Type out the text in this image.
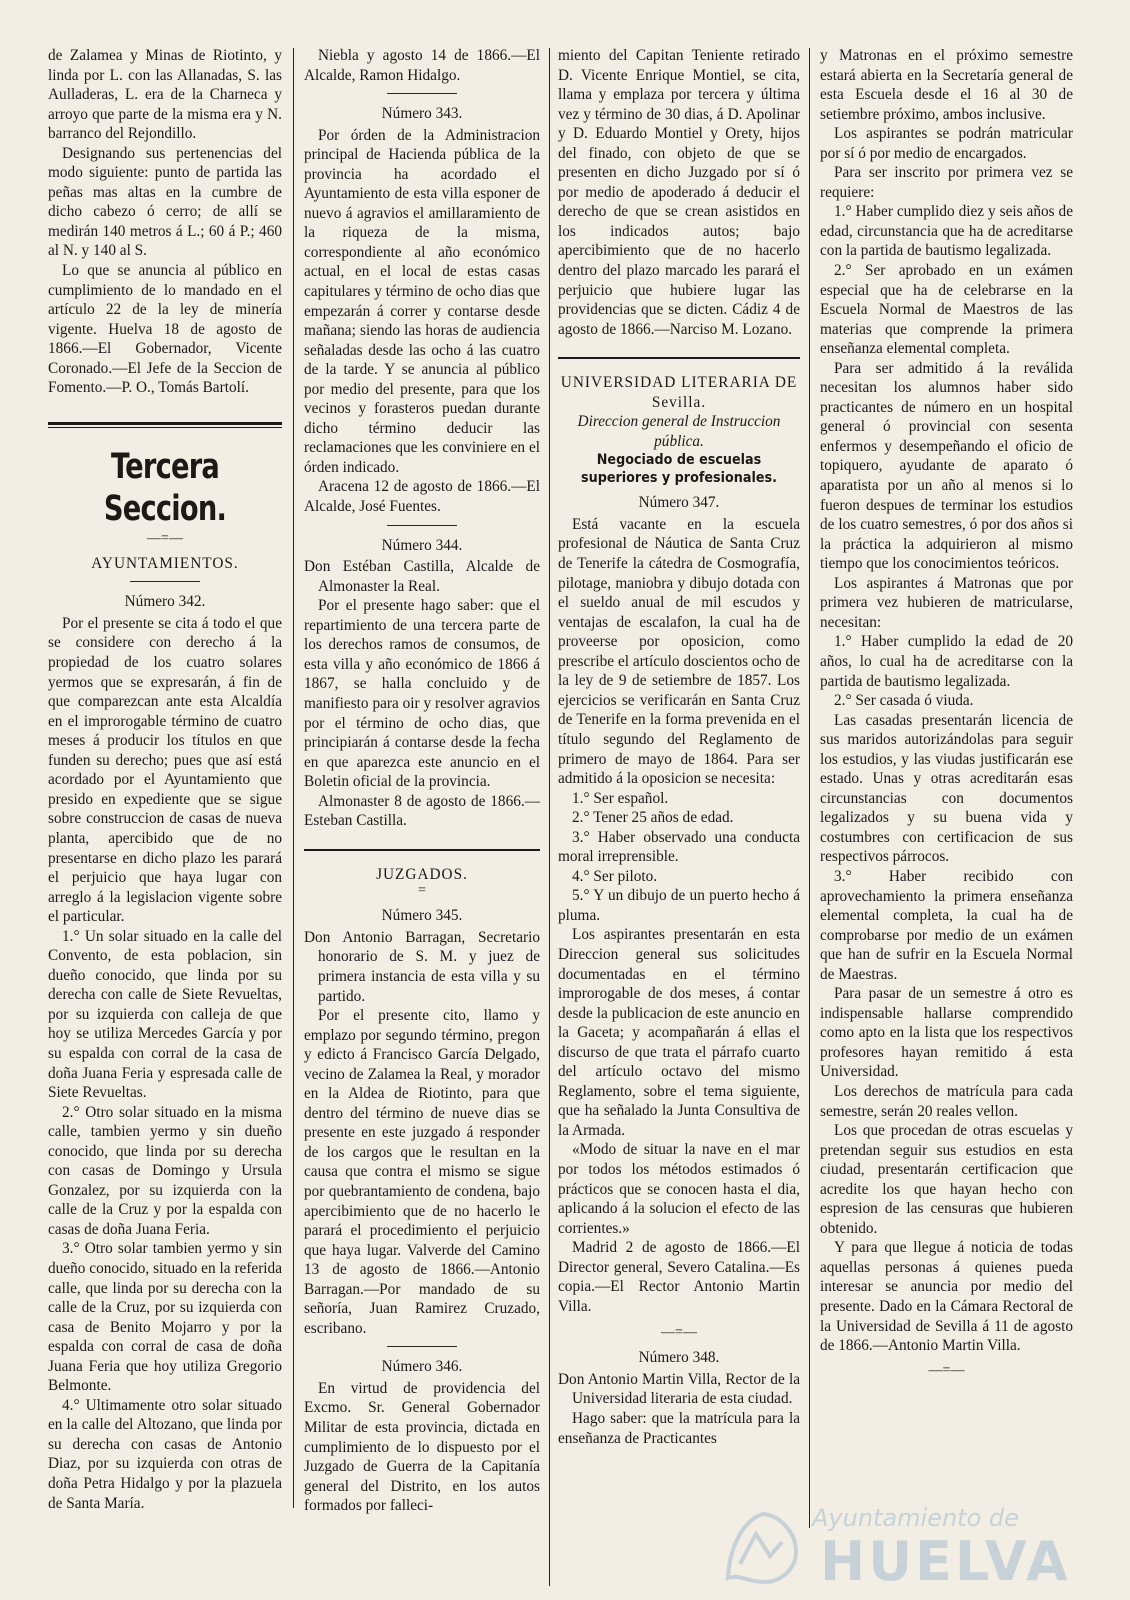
de Zalamea y Minas de Riotinto, y linda por L. con las Allanadas, S. las Aulladeras, L. era de la Charneca y arroyo que parte de la misma era y N. barranco del Rejondillo.

Designando sus pertenencias del modo siguiente: punto de partida las peñas mas altas en la cumbre de dicho cabezo ó cerro; de allí se medirán 140 metros á L.; 60 á P.; 460 al N. y 140 al S.

Lo que se anuncia al público en cumplimiento de lo mandado en el artículo 22 de la ley de minería vigente. Huelva 18 de agosto de 1866.—El Gobernador, Vicente Coronado.—El Jefe de la Seccion de Fomento.—P. O., Tomás Bartolí.

Tercera Seccion.
—=—

AYUNTAMIENTOS.

Número 342.

Por el presente se cita á todo el que se considere con derecho á la propiedad de los cuatro solares yermos que se expresarán, á fin de que comparezcan ante esta Alcaldía en el improrogable término de cuatro meses á producir los títulos en que funden su derecho; pues que así está acordado por el Ayuntamiento que presido en expediente que se sigue sobre construccion de casas de nueva planta, apercibido que de no presentarse en dicho plazo les parará el perjuicio que haya lugar con arreglo á la legislacion vigente sobre el particular.

1.° Un solar situado en la calle del Convento, de esta poblacion, sin dueño conocido, que linda por su derecha con calle de Siete Revueltas, por su izquierda con calleja de que hoy se utiliza Mercedes García y por su espalda con corral de la casa de doña Juana Feria y espresada calle de Siete Revueltas.

2.° Otro solar situado en la misma calle, tambien yermo y sin dueño conocido, que linda por su derecha con casas de Domingo y Ursula Gonzalez, por su izquierda con la calle de la Cruz y por la espalda con casas de doña Juana Feria.

3.° Otro solar tambien yermo y sin dueño conocido, situado en la referida calle, que linda por su derecha con la calle de la Cruz, por su izquierda con casa de Benito Mojarro y por la espalda con corral de casa de doña Juana Feria que hoy utiliza Gregorio Belmonte.

4.° Ultimamente otro solar situado en la calle del Altozano, que linda por su derecha con casas de Antonio Diaz, por su izquierda con otras de doña Petra Hidalgo y por la plazuela de Santa María.

Niebla y agosto 14 de 1866.—El Alcalde, Ramon Hidalgo.

Número 343.

Por órden de la Administracion principal de Hacienda pública de la provincia ha acordado el Ayuntamiento de esta villa esponer de nuevo á agravios el amillaramiento de la riqueza de la misma, correspondiente al año económico actual, en el local de estas casas capitulares y término de ocho dias que empezarán á correr y contarse desde mañana; siendo las horas de audiencia señaladas desde las ocho á las cuatro de la tarde. Y se anuncia al público por medio del presente, para que los vecinos y forasteros puedan durante dicho término deducir las reclamaciones que les conviniere en el órden indicado.

Aracena 12 de agosto de 1866.—El Alcalde, José Fuentes.

Número 344.

Don Estéban Castilla, Alcalde de Almonaster la Real.

Por el presente hago saber: que el repartimiento de una tercera parte de los derechos ramos de consumos, de esta villa y año económico de 1866 á 1867, se halla concluido y de manifiesto para oir y resolver agravios por el término de ocho dias, que principiarán á contarse desde la fecha en que aparezca este anuncio en el Boletin oficial de la provincia.

Almonaster 8 de agosto de 1866.—Esteban Castilla.

JUZGADOS.

=

Número 345.

Don Antonio Barragan, Secretario honorario de S. M. y juez de primera instancia de esta villa y su partido.

Por el presente cito, llamo y emplazo por segundo término, pregon y edicto á Francisco García Delgado, vecino de Zalamea la Real, y morador en la Aldea de Riotinto, para que dentro del término de nueve dias se presente en este juzgado á responder de los cargos que le resultan en la causa que contra el mismo se sigue por quebrantamiento de condena, bajo apercibimiento que de no hacerlo le parará el procedimiento el perjuicio que haya lugar. Valverde del Camino 13 de agosto de 1866.—Antonio Barragan.—Por mandado de su señoría, Juan Ramirez Cruzado, escribano.

Número 346.

En virtud de providencia del Excmo. Sr. General Gobernador Militar de esta provincia, dictada en cumplimiento de lo dispuesto por el Juzgado de Guerra de la Capitanía general del Distrito, en los autos formados por falleci-

miento del Capitan Teniente retirado D. Vicente Enrique Montiel, se cita, llama y emplaza por tercera y última vez y término de 30 dias, á D. Apolinar y D. Eduardo Montiel y Orety, hijos del finado, con objeto de que se presenten en dicho Juzgado por sí ó por medio de apoderado á deducir el derecho de que se crean asistidos en los indicados autos; bajo apercibimiento que de no hacerlo dentro del plazo marcado les parará el perjuicio que hubiere lugar las providencias que se dicten. Cádiz 4 de agosto de 1866.—Narciso M. Lozano.

UNIVERSIDAD LITERARIA DE

Sevilla.

Direccion general de Instruccion pública.

Negociado de escuelas superiores y profesionales.

Número 347.

Está vacante en la escuela profesional de Náutica de Santa Cruz de Tenerife la cátedra de Cosmografía, pilotage, maniobra y dibujo dotada con el sueldo anual de mil escudos y ventajas de escalafon, la cual ha de proveerse por oposicion, como prescribe el artículo doscientos ocho de la ley de 9 de setiembre de 1857. Los ejercicios se verificarán en Santa Cruz de Tenerife en la forma prevenida en el título segundo del Reglamento de primero de mayo de 1864. Para ser admitido á la oposicion se necesita:

1.° Ser español.

2.° Tener 25 años de edad.

3.° Haber observado una conducta moral irreprensible.

4.° Ser piloto.

5.° Y un dibujo de un puerto hecho á pluma.

Los aspirantes presentarán en esta Direccion general sus solicitudes documentadas en el término improrogable de dos meses, á contar desde la publicacion de este anuncio en la Gaceta; y acompañarán á ellas el discurso de que trata el párrafo cuarto del artículo octavo del mismo Reglamento, sobre el tema siguiente, que ha señalado la Junta Consultiva de la Armada.

«Modo de situar la nave en el mar por todos los métodos estimados ó prácticos que se conocen hasta el dia, aplicando á la solucion el efecto de las corrientes.»

Madrid 2 de agosto de 1866.—El Director general, Severo Catalina.—Es copia.—El Rector Antonio Martin Villa.

—=—

Número 348.

Don Antonio Martin Villa, Rector de la Universidad literaria de esta ciudad.

Hago saber: que la matrícula para la enseñanza de Practicantes

y Matronas en el próximo semestre estará abierta en la Secretaría general de esta Escuela desde el 16 al 30 de setiembre próximo, ambos inclusive.

Los aspirantes se podrán matricular por sí ó por medio de encargados.

Para ser inscrito por primera vez se requiere:

1.° Haber cumplido diez y seis años de edad, circunstancia que ha de acreditarse con la partida de bautismo legalizada.

2.° Ser aprobado en un exámen especial que ha de celebrarse en la Escuela Normal de Maestros de las materias que comprende la primera enseñanza elemental completa.

Para ser admitido á la reválida necesitan los alumnos haber sido practicantes de número en un hospital general ó provincial con sesenta enfermos y desempeñando el oficio de topiquero, ayudante de aparato ó aparatista por un año al menos si lo fueron despues de terminar los estudios de los cuatro semestres, ó por dos años si la práctica la adquirieron al mismo tiempo que los conocimientos teóricos.

Los aspirantes á Matronas que por primera vez hubieren de matricularse, necesitan:

1.° Haber cumplido la edad de 20 años, lo cual ha de acreditarse con la partida de bautismo legalizada.

2.° Ser casada ó viuda.

Las casadas presentarán licencia de sus maridos autorizándolas para seguir los estudios, y las viudas justificarán ese estado. Unas y otras acreditarán esas circunstancias con documentos legalizados y su buena vida y costumbres con certificacion de sus respectivos párrocos.

3.° Haber recibido con aprovechamiento la primera enseñanza elemental completa, la cual ha de comprobarse por medio de un exámen que han de sufrir en la Escuela Normal de Maestras.

Para pasar de un semestre á otro es indispensable hallarse comprendido como apto en la lista que los respectivos profesores hayan remitido á esta Universidad.

Los derechos de matrícula para cada semestre, serán 20 reales vellon.

Los que procedan de otras escuelas y pretendan seguir sus estudios en esta ciudad, presentarán certificacion que acredite los que hayan hecho con espresion de las censuras que hubieren obtenido.

Y para que llegue á noticia de todas aquellas personas á quienes pueda interesar se anuncia por medio del presente. Dado en la Cámara Rectoral de la Universidad de Sevilla á 11 de agosto de 1866.—Antonio Martin Villa.

—=—
Ayuntamiento de
HUELVA
